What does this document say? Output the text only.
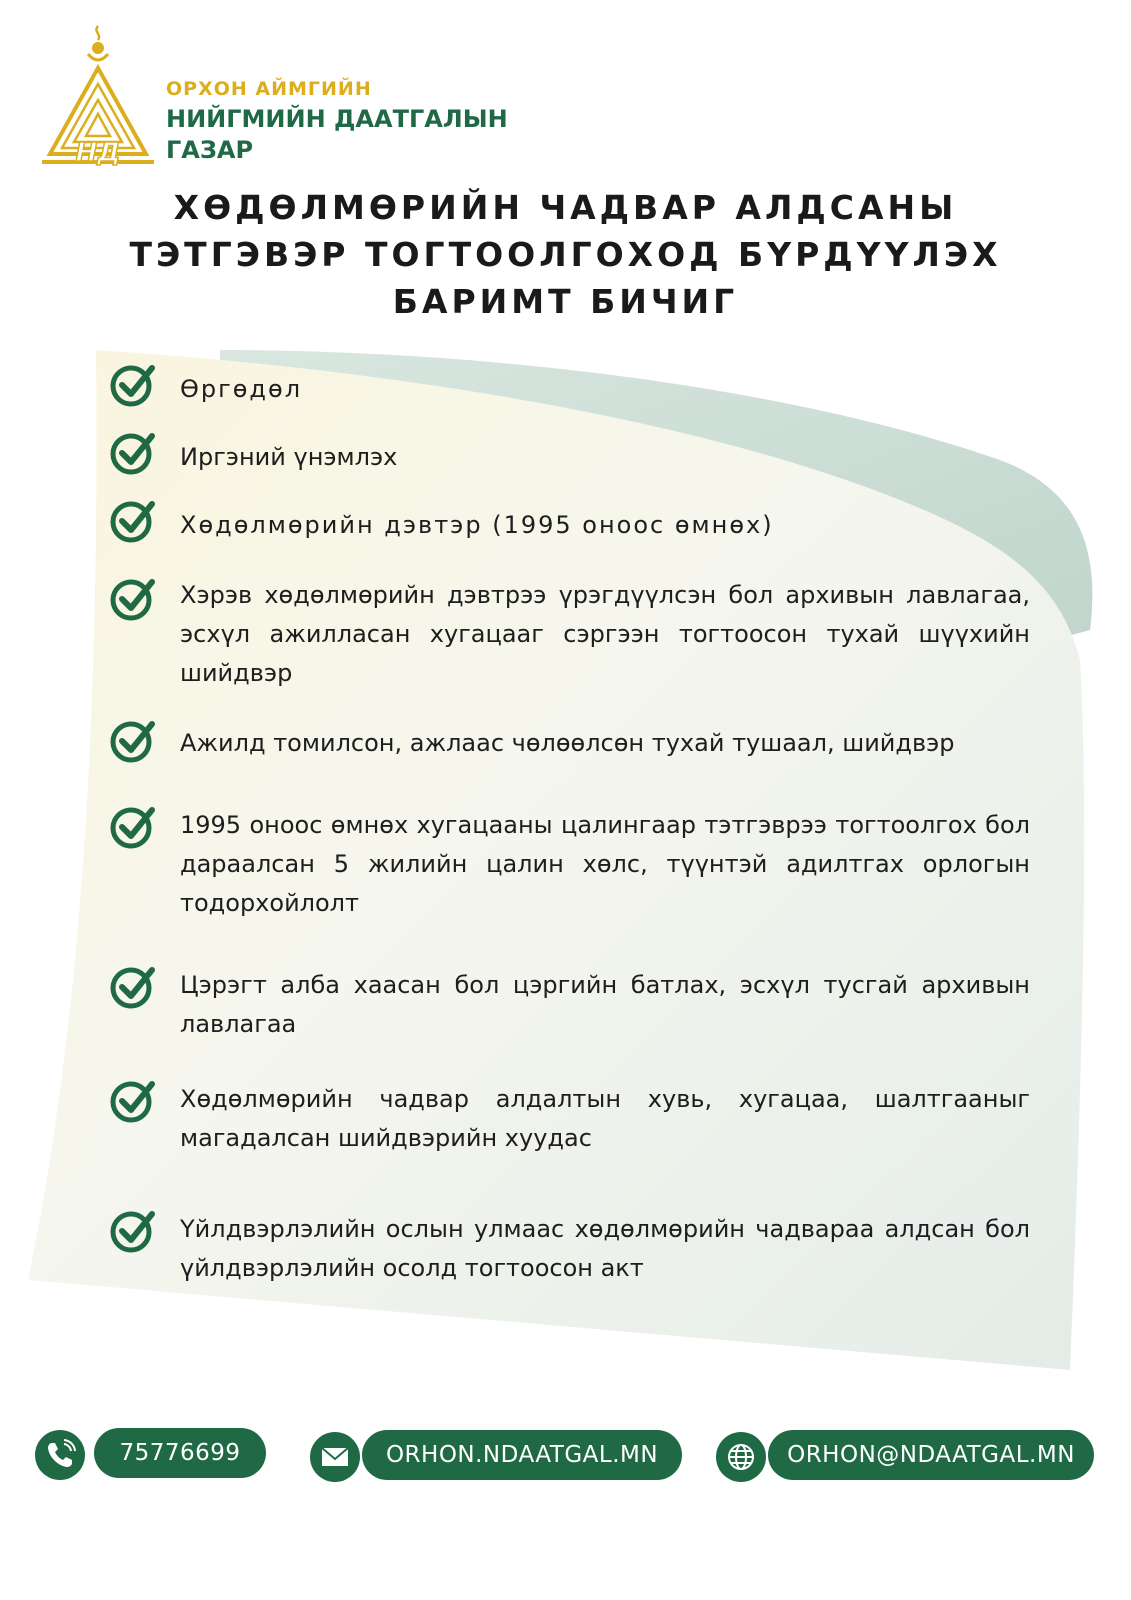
НД
ОРХОН АЙМГИЙН
НИЙГМИЙН ДААТГАЛЫН
ГАЗАР
ХӨДӨЛМӨРИЙН ЧАДВАР АЛДСАНЫ
ТЭТГЭВЭР ТОГТООЛГОХОД БҮРДҮҮЛЭХ
БАРИМТ БИЧИГ
Өргөдөл
Иргэний үнэмлэх
Хөдөлмөрийн дэвтэр (1995 оноос өмнөх)
Хэрэв хөдөлмөрийн дэвтрээ үрэгдүүлсэн бол архивын лавлагаа, эсхүл ажилласан хугацааг сэргээн тогтоосон тухай шүүхийн шийдвэр
Ажилд томилсон, ажлаас чөлөөлсөн тухай тушаал, шийдвэр
1995 оноос өмнөх хугацааны цалингаар тэтгэврээ тогтоолгох бол дараалсан 5 жилийн цалин хөлс, түүнтэй адилтгах орлогын тодорхойлолт
Цэрэгт алба хаасан бол цэргийн батлах, эсхүл тусгай архивын лавлагаа
Хөдөлмөрийн чадвар алдалтын хувь, хугацаа, шалтгааныг магадалсан шийдвэрийн хуудас
Үйлдвэрлэлийн ослын улмаас хөдөлмөрийн чадвараа алдсан бол үйлдвэрлэлийн осолд тогтоосон акт
75776699	ORHON.NDAATGAL.MN	ORHON@NDAATGAL.MN
